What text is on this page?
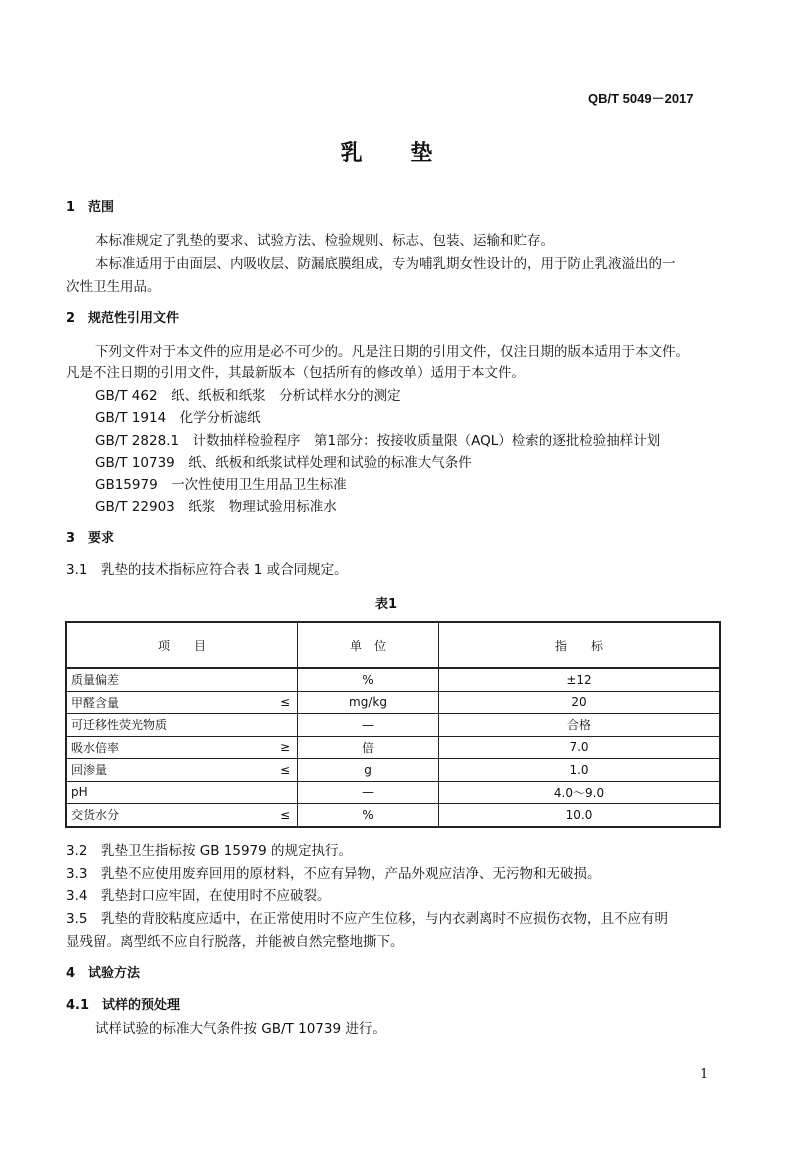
QB/T 5049－2017
乳 垫
1　范围
本标准规定了乳垫的要求、试验方法、检验规则、标志、包装、运输和贮存。
本标准适用于由面层、内吸收层、防漏底膜组成，专为哺乳期女性设计的，用于防止乳液溢出的一
次性卫生用品。
2　规范性引用文件
下列文件对于本文件的应用是必不可少的。凡是注日期的引用文件，仅注日期的版本适用于本文件。
凡是不注日期的引用文件，其最新版本（包括所有的修改单）适用于本文件。
GB/T 462　纸、纸板和纸浆　分析试样水分的测定
GB/T 1914　化学分析滤纸
GB/T 2828.1　计数抽样检验程序　第1部分：按接收质量限（AQL）检索的逐批检验抽样计划
GB/T 10739　纸、纸板和纸浆试样处理和试验的标准大气条件
GB15979　一次性使用卫生用品卫生标准
GB/T 22903　纸浆　物理试验用标准水
3　要求
3.1　乳垫的技术指标应符合表 1 或合同规定。
表1
项　　目		单　位	指　　标
质量偏差		%	±12
甲醛含量	≤	mg/kg	20
可迁移性荧光物质		—	合格
吸水倍率	≥	倍	7.0
回渗量	≤	g	1.0
pH		—	4.0～9.0
交货水分	≤	%	10.0
3.2　乳垫卫生指标按 GB 15979 的规定执行。
3.3　乳垫不应使用废弃回用的原材料，不应有异物，产品外观应洁净、无污物和无破损。
3.4　乳垫封口应牢固，在使用时不应破裂。
3.5　乳垫的背胶粘度应适中，在正常使用时不应产生位移，与内衣剥离时不应损伤衣物，且不应有明
显残留。离型纸不应自行脱落，并能被自然完整地撕下。
4　试验方法
4.1　试样的预处理
试样试验的标准大气条件按 GB/T 10739 进行。
1
